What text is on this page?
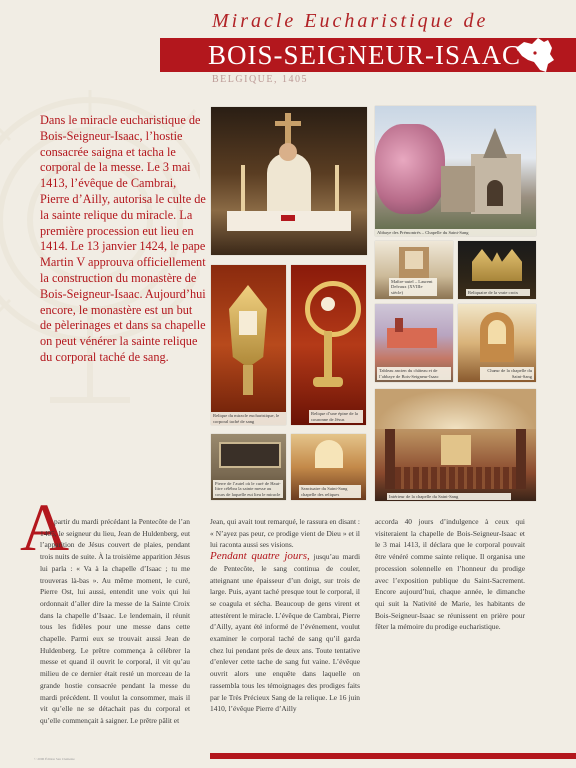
Miracle Eucharistique de
BOIS-SEIGNEUR-ISAAC
BELGIQUE, 1405
Dans le miracle eucharistique de Bois-Seigneur-Isaac, l’hostie consacrée saigna et tacha le corporal de la messe. Le 3 mai 1413, l’évêque de Cambrai, Pierre d’Ailly, autorisa le culte de la sainte relique du miracle. La première procession eut lieu en 1414. Le 13 janvier 1424, le pape Martin V approuva officiellement la construction du monastère de Bois-Seigneur-Isaac. Aujourd’hui encore, le monastère est un but de pèlerinages et dans sa chapelle on peut vénérer la sainte relique du corporal taché de sang.
Abbaye des Prémontrés – Chapelle du Saint-Sang
Maître-autel – Laurent Delvaux (XVIIIe siècle)	Reliquaire de la vraie croix
Tableau ancien du château et de l’abbaye de Bois-Seigneur-Isaac
Chœur de la chapelle du Saint-Sang
Relique du miracle eucharistique, le corporal taché de sang
Relique d’une épine de la couronne de Jésus
Intérieur de la chapelle du Saint-Sang
Pierre de l’autel où le curé de Haut-Ittre célébra la sainte messe au cours de laquelle eut lieu le miracle
Sanctuaire du Saint-Sang chapelle des reliques
A

partir du mardi précédant la Pentecôte de l’an 1405, le seigneur du lieu, Jean de Huldenberg, eut l’apparition de Jésus couvert de plaies, pendant trois nuits de suite. À la troisième apparition Jésus lui parla : « Va à la chapelle d’Isaac ; tu me trouveras là-bas ». Au même moment, le curé, Pierre Ost, lui aussi, entendit une voix qui lui ordonnait d’aller dire la messe de la Sainte Croix dans la chapelle d’Isaac. Le lendemain, il réunit tous les fidèles pour une messe dans cette chapelle. Parmi eux se trouvait aussi Jean de Huldenberg. Le prêtre commença à célébrer la messe et quand il ouvrit le corporal, il vit qu’au milieu de ce dernier était resté un morceau de la grande hostie consacrée pendant la messe du mardi précédent. Il voulut la consommer, mais il vit qu’elle ne se détachait pas du corporal et qu’elle commençait à saigner. Le prêtre pâlit et

Jean, qui avait tout remarqué, le rassura en disant : « N’ayez pas peur, ce prodige vient de Dieu » et il lui raconta aussi ses visions.
Pendant quatre jours, jusqu’au mardi de Pentecôte, le sang continua de couler, atteignant une épaisseur d’un doigt, sur trois de large. Puis, ayant taché presque tout le corporal, il se coagula et sécha. Beaucoup de gens virent et attestèrent le miracle. L’évêque de Cambrai, Pierre d’Ailly, ayant été informé de l’événement, voulut examiner le corporal taché de sang qu’il garda chez lui pendant près de deux ans. Toute tentative d’enlever cette tache de sang fut vaine. L’évêque ouvrit alors une enquête dans laquelle on rassembla tous les témoignages des prodiges faits par le Très Précieux Sang de la relique. Le 16 juin 1410, l’évêque Pierre d’Ailly

accorda 40 jours d’indulgence à ceux qui visiteraient la chapelle de Bois-Seigneur-Isaac et le 3 mai 1413, il déclara que le corporal pouvait être vénéré comme sainte relique. Il organisa une procession solennelle en l’honneur du prodige avec l’exposition publique du Saint-Sacrement. Encore aujourd’hui, chaque année, le dimanche qui suit la Nativité de Marie, les habitants de Bois-Seigneur-Isaac se réunissent en prière pour fêter la mémoire du prodige eucharistique.

© 2006 Édition San Clemente
